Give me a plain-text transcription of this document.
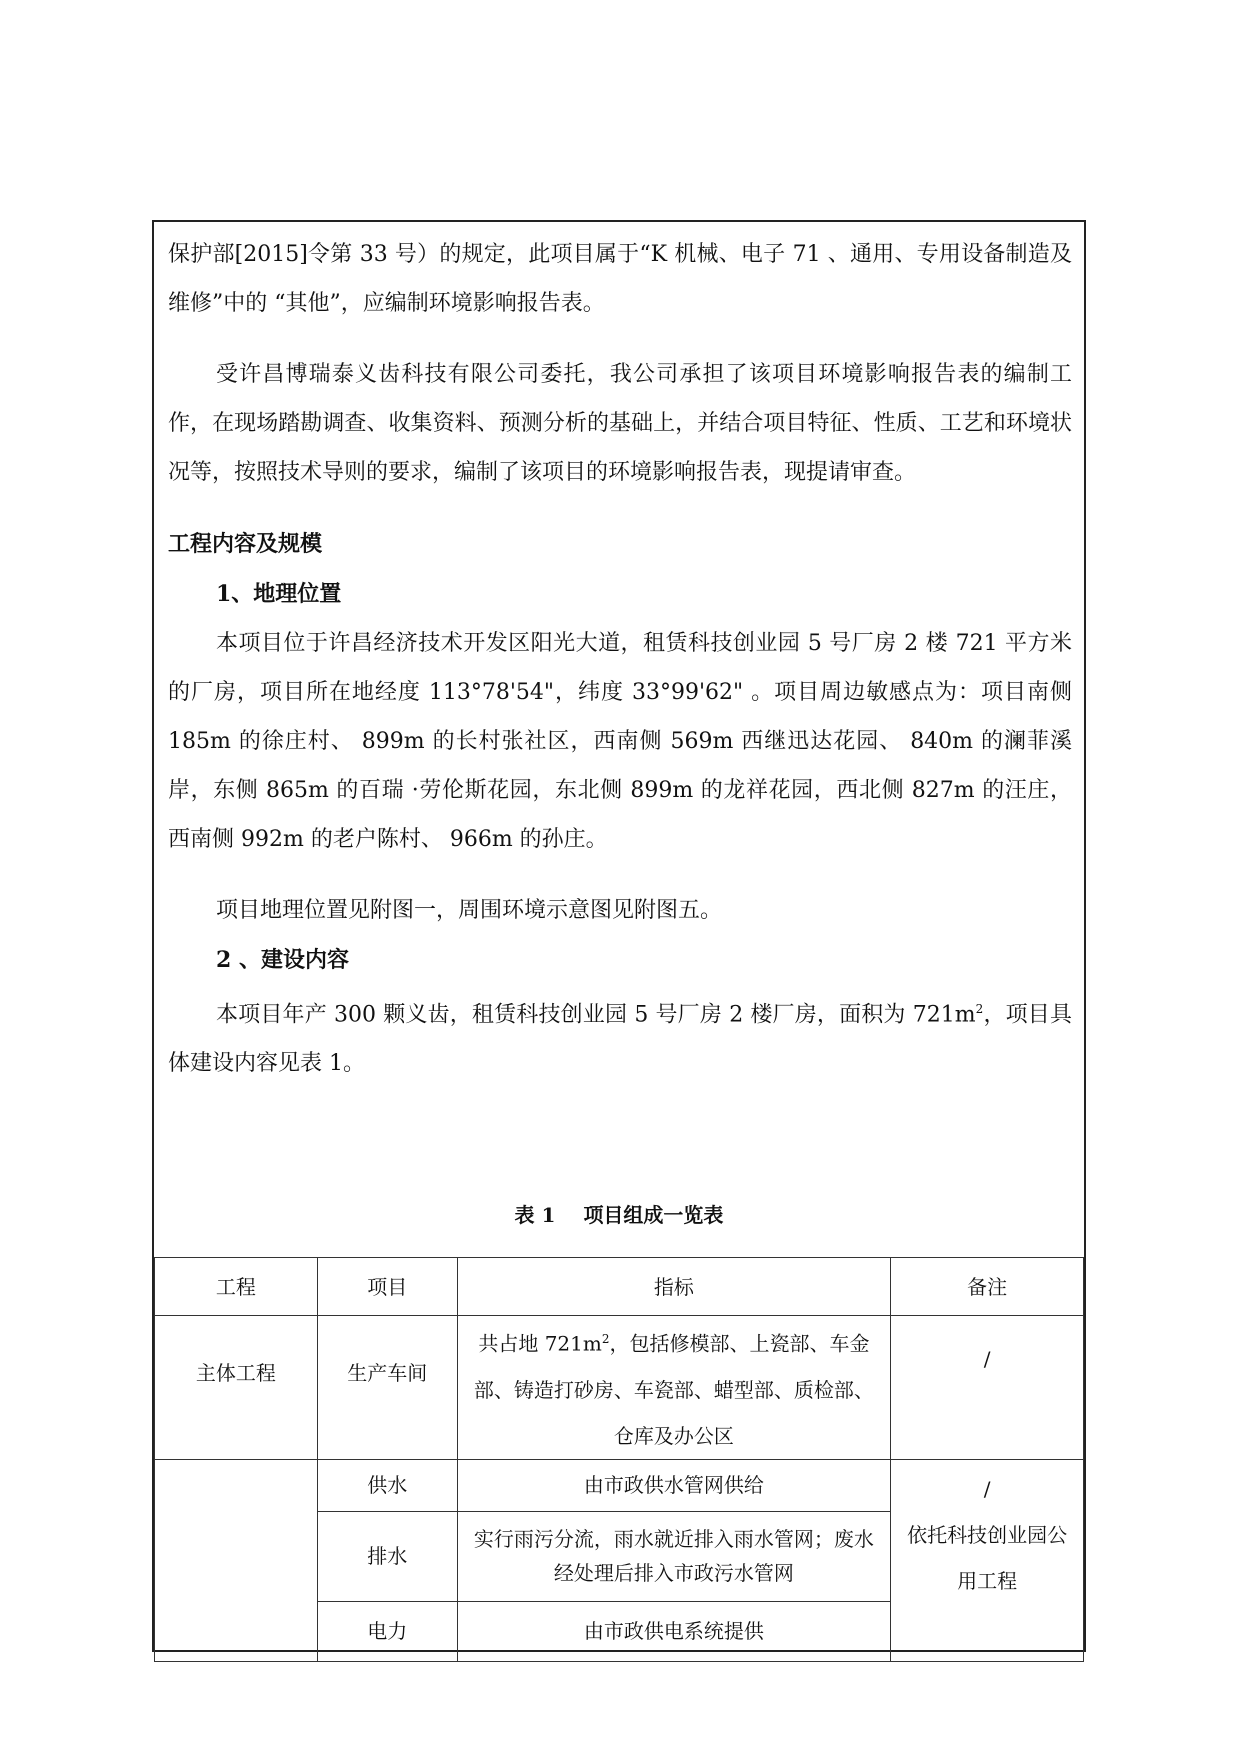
保护部[2015]令第 33 号）的规定，此项目属于“K 机械、电子 71 、通用、专用设备制造及维修”中的 “其他”，应编制环境影响报告表。

受许昌博瑞泰义齿科技有限公司委托，我公司承担了该项目环境影响报告表的编制工作，在现场踏勘调查、收集资料、预测分析的基础上，并结合项目特征、性质、工艺和环境状况等，按照技术导则的要求，编制了该项目的环境影响报告表，现提请审查。

工程内容及规模
1、地理位置

本项目位于许昌经济技术开发区阳光大道，租赁科技创业园 5 号厂房 2 楼 721 平方米的厂房，项目所在地经度 113°78'54"，纬度 33°99'62" 。项目周边敏感点为：项目南侧 185m 的徐庄村、 899m 的长村张社区，西南侧 569m 西继迅达花园、 840m 的澜菲溪岸，东侧 865m 的百瑞 ·劳伦斯花园，东北侧 899m 的龙祥花园，西北侧 827m 的汪庄，西南侧 992m 的老户陈村、 966m 的孙庄。

项目地理位置见附图一，周围环境示意图见附图五。

2 、建设内容

本项目年产 300 颗义齿，租赁科技创业园 5 号厂房 2 楼厂房，面积为 $721m^2$，项目具体建设内容见表 1。

表 1 项目组成一览表
工程	项目	指标	备注
主体工程	生产车间	共占地 $721m^2$，包括修模部、上瓷部、车金部、铸造打砂房、车瓷部、蜡型部、质检部、仓库及办公区	/
	供水	由市政供水管网供给	/
依托科技创业园公用工程

	排水	实行雨污分流，雨水就近排入雨水管网；废水经处理后排入市政污水管网	
	电力	由市政供电系统提供	
